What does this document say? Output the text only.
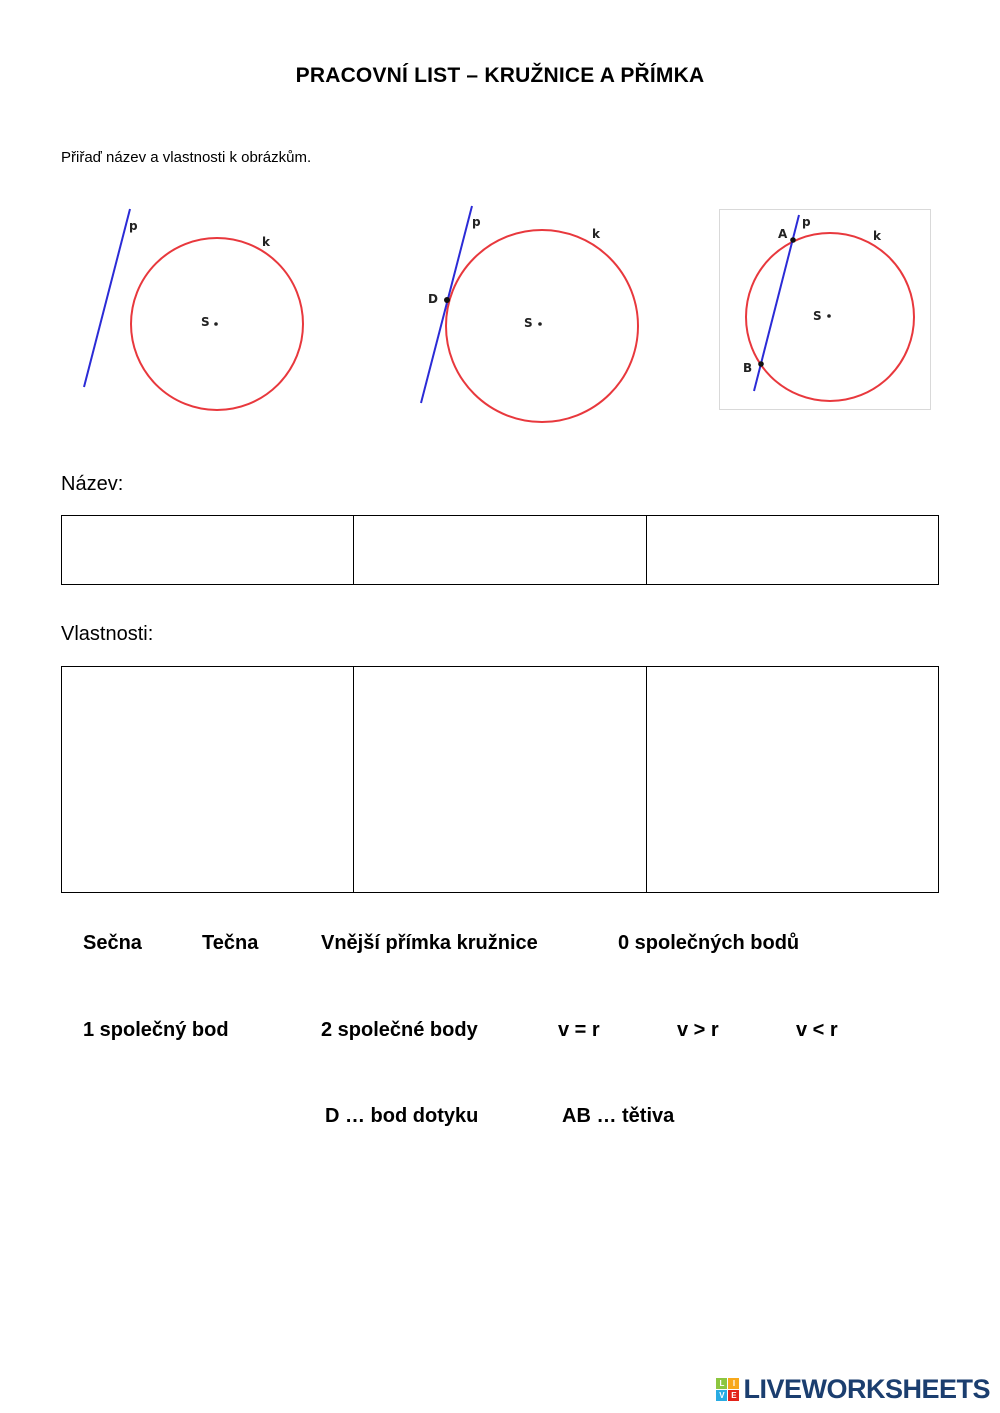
PRACOVNÍ LIST – KRUŽNICE A PŘÍMKA
Přiřaď název a vlastnosti k obrázkům.
p
k
S
D
p
k
S
A
B
p
k
S
Název:

Vlastnosti:

Sečna	Tečna	Vnější přímka kružnice	0 společných bodů
1 společný bod	2 společné body	v = r	v > r	v < r
D … bod dotyku	AB … tětiva
L	I
V E LIVEWORKSHEETS
